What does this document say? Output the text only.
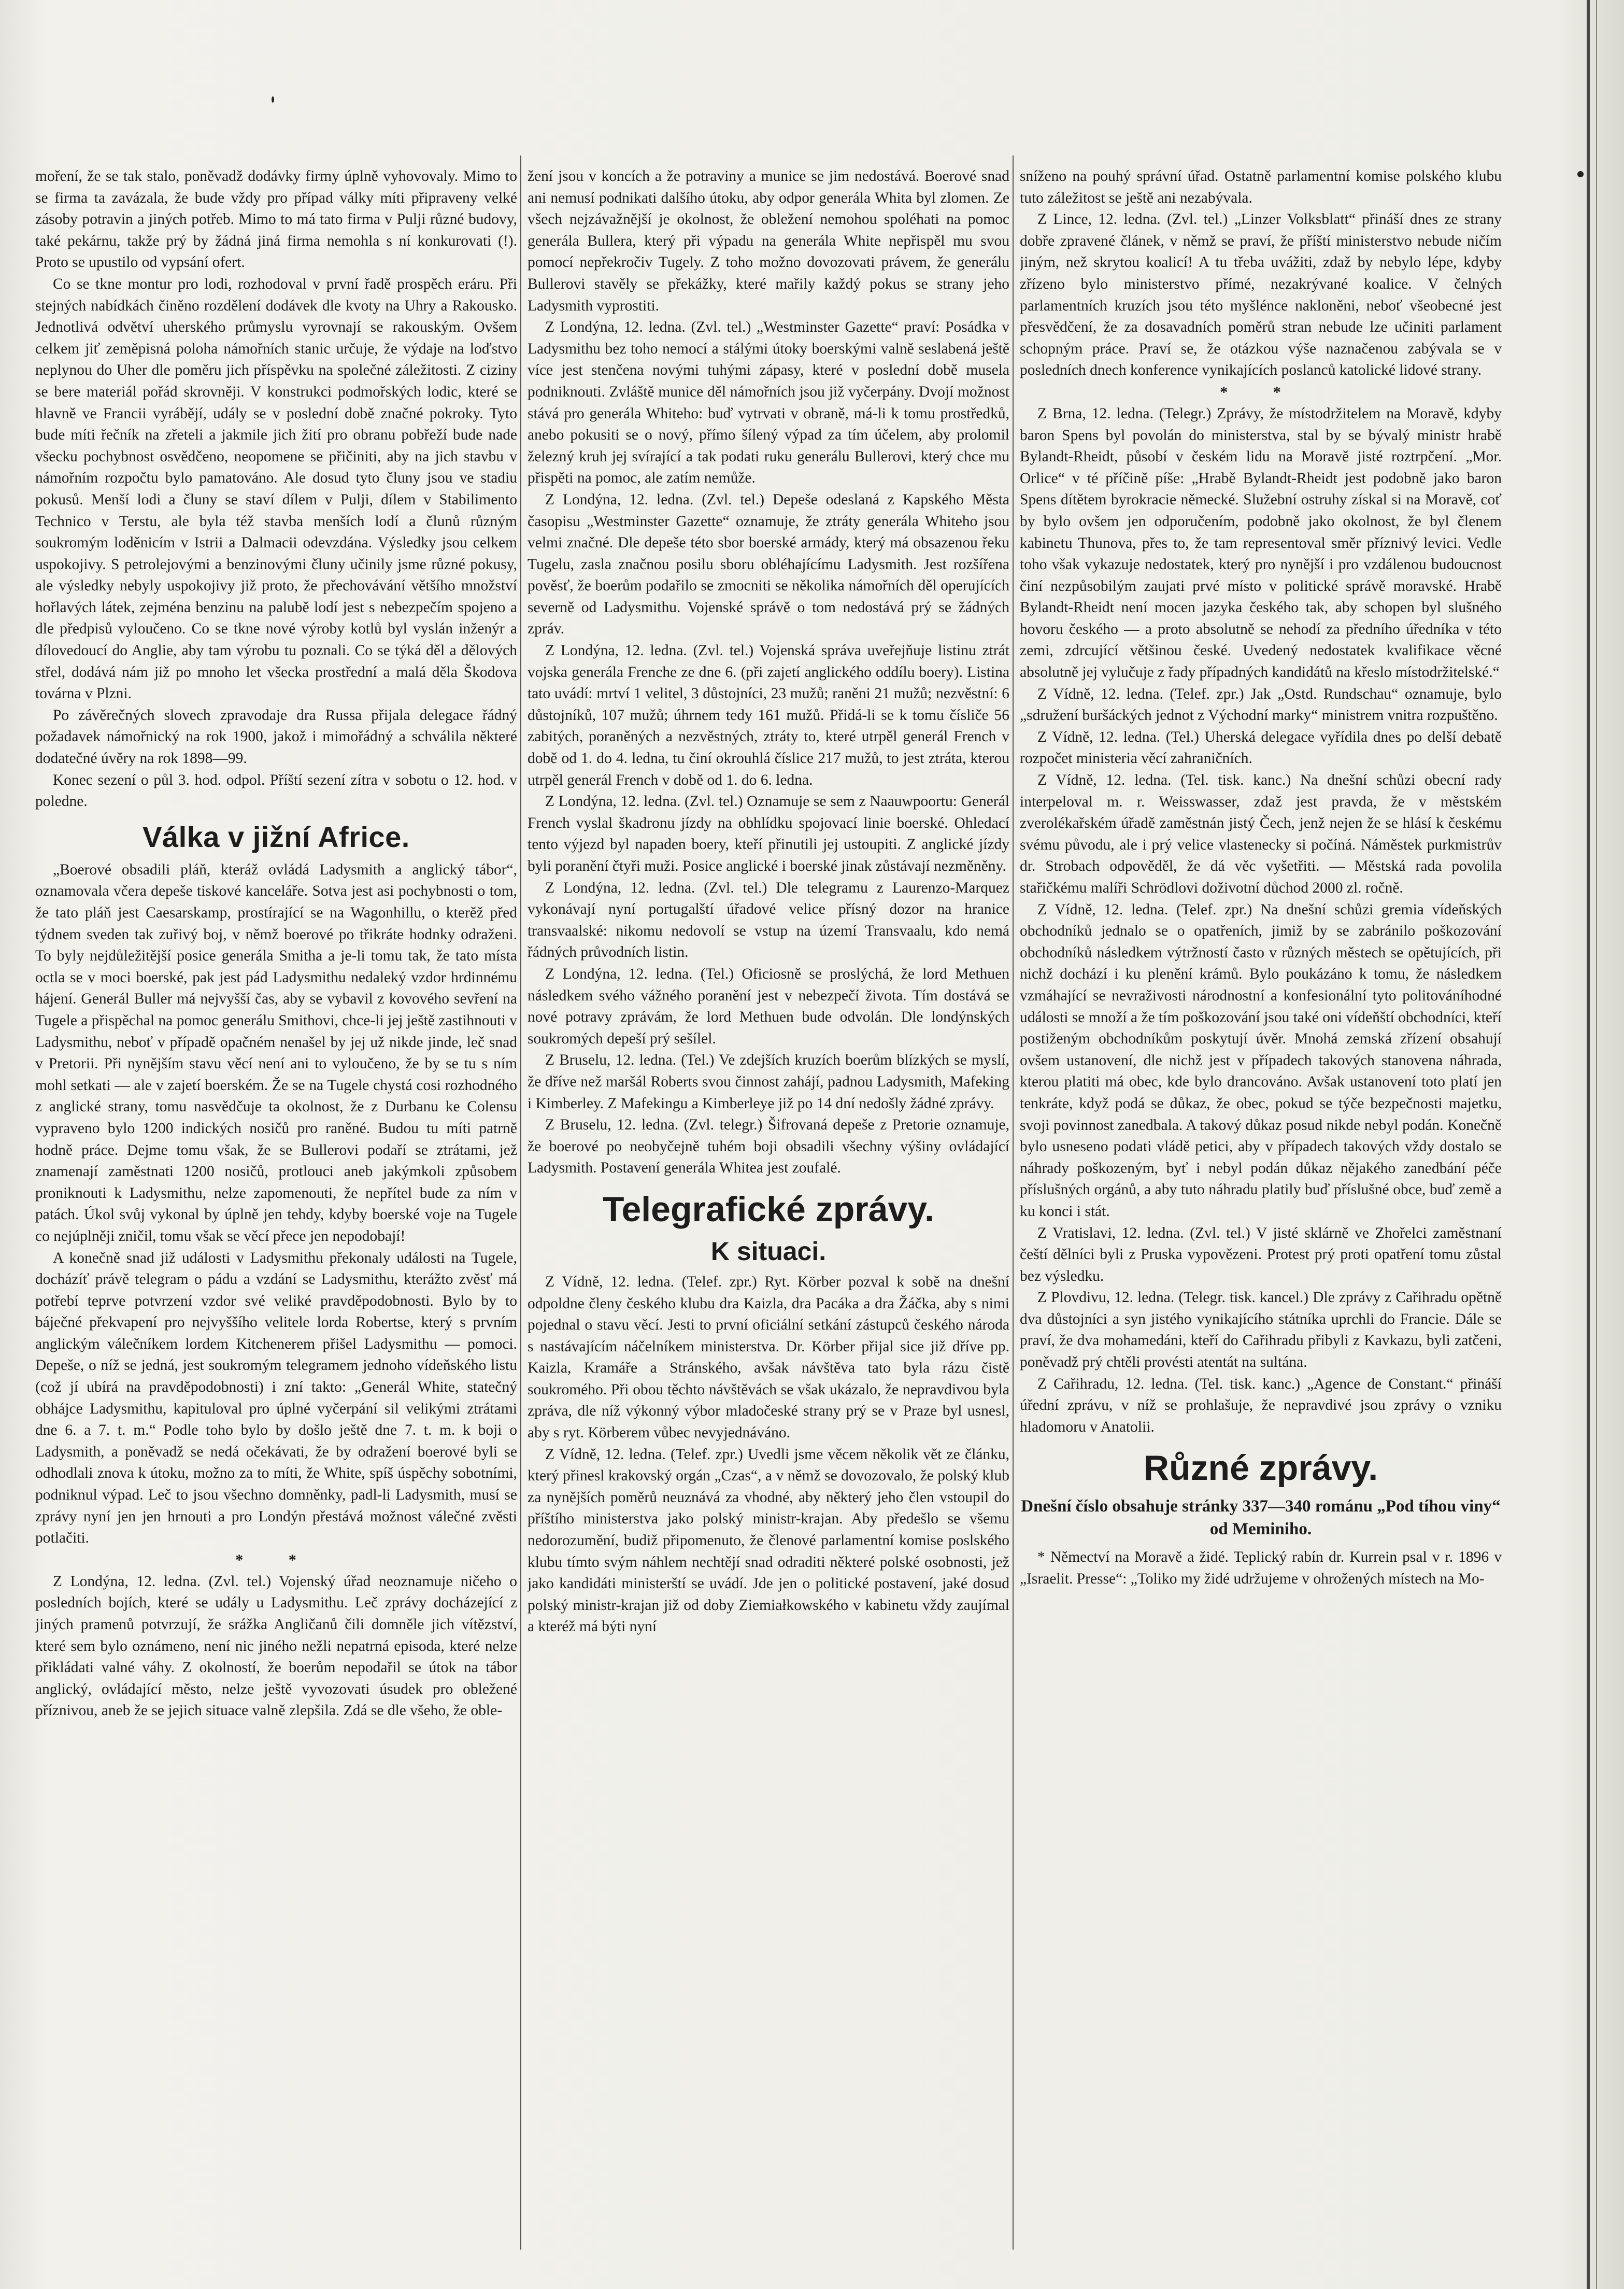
moření, že se tak stalo, poněvadž dodávky firmy úplně vyhovovaly. Mimo to se firma ta zavázala, že bude vždy pro případ války míti připraveny velké zásoby potravin a jiných potřeb. Mimo to má tato firma v Pulji různé budovy, také pekárnu, takže prý by žádná jiná firma nemohla s ní konkurovati (!). Proto se upustilo od vypsání ofert.

Co se tkne montur pro lodi, rozhodoval v první řadě prospěch eráru. Při stejných nabídkách činěno rozdělení dodávek dle kvoty na Uhry a Rakousko. Jednotlivá odvětví uherského průmyslu vyrovnají se rakouským. Ovšem celkem jiť zeměpisná poloha námořních stanic určuje, že výdaje na loďstvo neplynou do Uher dle poměru jich příspěvku na společné záležitosti. Z ciziny se bere materiál pořád skrovněji. V konstrukci podmořských lodic, které se hlavně ve Francii vyrábějí, udály se v poslední době značné pokroky. Tyto bude míti řečník na zřeteli a jakmile jich žití pro obranu pobřeží bude nade všecku pochybnost osvědčeno, neopomene se přičiniti, aby na jich stavbu v námořním rozpočtu bylo pamatováno. Ale dosud tyto čluny jsou ve stadiu pokusů. Menší lodi a čluny se staví dílem v Pulji, dílem v Stabilimento Technico v Terstu, ale byla též stavba menších lodí a člunů různým soukromým loděnicím v Istrii a Dalmacii odevzdána. Výsledky jsou celkem uspokojivy. S petrolejovými a benzinovými čluny učinily jsme různé pokusy, ale výsledky nebyly uspokojivy již proto, že přechovávání většího množství hořlavých látek, zejména benzinu na palubě lodí jest s nebezpečím spojeno a dle předpisů vyloučeno. Co se tkne nové výroby kotlů byl vyslán inženýr a dílovedoucí do Anglie, aby tam výrobu tu poznali. Co se týká děl a dělových střel, dodává nám již po mnoho let všecka prostřední a malá děla Škodova továrna v Plzni.

Po závěrečných slovech zpravodaje dra Russa přijala delegace řádný požadavek námořnický na rok 1900, jakož i mimořádný a schválila některé dodatečné úvěry na rok 1898—99.

Konec sezení o půl 3. hod. odpol. Příští sezení zítra v sobotu o 12. hod. v poledne.

Válka v jižní Africe.

„Boerové obsadili pláň, kteráž ovládá Ladysmith a anglický tábor“, oznamovala včera depeše tiskové kanceláře. Sotva jest asi pochybnosti o tom, že tato pláň jest Caesarskamp, prostírající se na Wagonhillu, o kterěž před týdnem sveden tak zuřivý boj, v němž boerové po třikráte hodnky odraženi. To byly nejdůležitější posice generála Smitha a je-li tomu tak, že tato místa octla se v moci boerské, pak jest pád Ladysmithu nedaleký vzdor hrdinnému hájení. Generál Buller má nejvyšší čas, aby se vybavil z kovového sevření na Tugele a přispěchal na pomoc generálu Smithovi, chce-li jej ještě zastihnouti v Ladysmithu, neboť v případě opačném nenašel by jej už nikde jinde, leč snad v Pretorii. Při nynějším stavu věcí není ani to vyloučeno, že by se tu s ním mohl setkati — ale v zajetí boerském. Že se na Tugele chystá cosi rozhodného z anglické strany, tomu nasvědčuje ta okolnost, že z Durbanu ke Colensu vypraveno bylo 1200 indických nosičů pro raněné. Budou tu míti patrně hodně práce. Dejme tomu však, že se Bullerovi podaří se ztrátami, jež znamenají zaměstnati 1200 nosičů, protlouci aneb jakýmkoli způsobem proniknouti k Ladysmithu, nelze zapomenouti, že nepřítel bude za ním v patách. Úkol svůj vykonal by úplně jen tehdy, kdyby boerské voje na Tugele co nejúplněji zničil, tomu však se věcí přece jen nepodobají!

A konečně snad již události v Ladysmithu překonaly události na Tugele, docházíť právě telegram o pádu a vzdání se Ladysmithu, kterážto zvěsť má potřebí teprve potvrzení vzdor své veliké pravděpodobnosti. Bylo by to báječné překvapení pro nejvyššího velitele lorda Robertse, který s prvním anglickým válečníkem lordem Kitchenerem přišel Ladysmithu — pomoci. Depeše, o níž se jedná, jest soukromým telegramem jednoho vídeňského listu (což jí ubírá na pravděpodobnosti) i zní takto: „Generál White, statečný obhájce Ladysmithu, kapituloval pro úplné vyčerpání sil velikými ztrátami dne 6. a 7. t. m.“ Podle toho bylo by došlo ještě dne 7. t. m. k boji o Ladysmith, a poněvadž se nedá očekávati, že by odražení boerové byli se odhodlali znova k útoku, možno za to míti, že White, spíš úspěchy sobotními, podniknul výpad. Leč to jsou všechno domněnky, padl-li Ladysmith, musí se zprávy nyní jen jen hrnouti a pro Londýn přestává možnost válečné zvěsti potlačiti.

* *

Z Londýna, 12. ledna. (Zvl. tel.) Vojenský úřad neoznamuje ničeho o posledních bojích, které se udály u Ladysmithu. Leč zprávy docházející z jiných pramenů potvrzují, že srážka Angličanů čili domněle jich vítězství, které sem bylo oznámeno, není nic jiného nežli nepatrná episoda, které nelze přikládati valné váhy. Z okolností, že boerům nepodařil se útok na tábor anglický, ovládající město, nelze ještě vyvozovati úsudek pro obležené příznivou, aneb že se jejich situace valně zlepšila. Zdá se dle všeho, že oble-

žení jsou v koncích a že potraviny a munice se jim nedostává. Boerové snad ani nemusí podnikati dalšího útoku, aby odpor generála Whita byl zlomen. Ze všech nejzávažnější je okolnost, že obležení nemohou spoléhati na pomoc generála Bullera, který při výpadu na generála White nepřispěl mu svou pomocí nepřekročiv Tugely. Z toho možno dovozovati právem, že generálu Bullerovi stavěly se překážky, které mařily každý pokus se strany jeho Ladysmith vyprostiti.

Z Londýna, 12. ledna. (Zvl. tel.) „Westminster Gazette“ praví: Posádka v Ladysmithu bez toho nemocí a stálými útoky boerskými valně seslabená ještě více jest stenčena novými tuhými zápasy, které v poslední době musela podniknouti. Zvláště munice děl námořních jsou již vyčerpány. Dvojí možnost stává pro generála Whiteho: buď vytrvati v obraně, má-li k tomu prostředků, anebo pokusiti se o nový, přímo šílený výpad za tím účelem, aby prolomil železný kruh jej svírající a tak podati ruku generálu Bullerovi, který chce mu přispěti na pomoc, ale zatím nemůže.

Z Londýna, 12. ledna. (Zvl. tel.) Depeše odeslaná z Kapského Města časopisu „Westminster Gazette“ oznamuje, že ztráty generála Whiteho jsou velmi značné. Dle depeše této sbor boerské armády, který má obsazenou řeku Tugelu, zasla značnou posilu sboru obléhajícímu Ladysmith. Jest rozšířena pověsť, že boerům podařilo se zmocniti se několika námořních děl operujících severně od Ladysmithu. Vojenské správě o tom nedostává prý se žádných zpráv.

Z Londýna, 12. ledna. (Zvl. tel.) Vojenská správa uveřejňuje listinu ztrát vojska generála Frenche ze dne 6. (při zajetí anglického oddílu boery). Listina tato uvádí: mrtví 1 velitel, 3 důstojníci, 23 mužů; raněni 21 mužů; nezvěstní: 6 důstojníků, 107 mužů; úhrnem tedy 161 mužů. Přidá-li se k tomu čísliče 56 zabitých, poraněných a nezvěstných, ztráty to, které utrpěl generál French v době od 1. do 4. ledna, tu činí okrouhlá číslice 217 mužů, to jest ztráta, kterou utrpěl generál French v době od 1. do 6. ledna.

Z Londýna, 12. ledna. (Zvl. tel.) Oznamuje se sem z Naauwpoortu: Generál French vyslal škadronu jízdy na obhlídku spojovací linie boerské. Ohledací tento výjezd byl napaden boery, kteří přinutili jej ustoupiti. Z anglické jízdy byli poranění čtyři muži. Posice anglické i boerské jinak zůstávají nezměněny.

Z Londýna, 12. ledna. (Zvl. tel.) Dle telegramu z Laurenzo-Marquez vykonávají nyní portugalští úřadové velice přísný dozor na hranice transvaalské: nikomu nedovolí se vstup na území Transvaalu, kdo nemá řádných průvodních listin.

Z Londýna, 12. ledna. (Tel.) Oficiosně se proslýchá, že lord Methuen následkem svého vážného poranění jest v nebezpečí života. Tím dostává se nové potravy zprávám, že lord Methuen bude odvolán. Dle londýnských soukromých depeší prý sešílel.

Z Bruselu, 12. ledna. (Tel.) Ve zdejších kruzích boerům blízkých se myslí, že dříve než maršál Roberts svou činnost zahájí, padnou Ladysmith, Mafeking i Kimberley. Z Mafekingu a Kimberleye již po 14 dní nedošly žádné zprávy.

Z Bruselu, 12. ledna. (Zvl. telegr.) Šifrovaná depeše z Pretorie oznamuje, že boerové po neobyčejně tuhém boji obsadili všechny výšiny ovládající Ladysmith. Postavení generála Whitea jest zoufalé.

Telegrafické zprávy.
K situaci.

Z Vídně, 12. ledna. (Telef. zpr.) Ryt. Körber pozval k sobě na dnešní odpoldne členy českého klubu dra Kaizla, dra Pacáka a dra Žáčka, aby s nimi pojednal o stavu věcí. Jesti to první oficiální setkání zástupců českého národa s nastávajícím náčelníkem ministerstva. Dr. Körber přijal sice již dříve pp. Kaizla, Kramáře a Stránského, avšak návštěva tato byla rázu čistě soukromého. Při obou těchto návštěvách se však ukázalo, že nepravdivou byla zpráva, dle níž výkonný výbor mladočeské strany prý se v Praze byl usnesl, aby s ryt. Körberem vůbec nevyjednáváno.

Z Vídně, 12. ledna. (Telef. zpr.) Uvedli jsme věcem několik vět ze článku, který přinesl krakovský orgán „Czas“, a v němž se dovozovalo, že polský klub za nynějších poměrů neuznává za vhodné, aby některý jeho člen vstoupil do příštího ministerstva jako polský ministr-krajan. Aby předešlo se všemu nedorozumění, budiž připomenuto, že členové parlamentní komise poslského klubu tímto svým náhlem nechtějí snad odraditi některé polské osobnosti, jež jako kandidáti ministerští se uvádí. Jde jen o politické postavení, jaké dosud polský ministr-krajan již od doby Ziemiałkowského v kabinetu vždy zaujímal a kteréž má býti nyní

sníženo na pouhý správní úřad. Ostatně parlamentní komise polského klubu tuto záležitost se ještě ani nezabývala.

Z Lince, 12. ledna. (Zvl. tel.) „Linzer Volksblatt“ přináší dnes ze strany dobře zpravené článek, v němž se praví, že příští ministerstvo nebude ničím jiným, než skrytou koalicí! A tu třeba uvážiti, zdaž by nebylo lépe, kdyby zřízeno bylo ministerstvo přímé, nezakrývané koalice. V čelných parlamentních kruzích jsou této myšlénce nakloněni, neboť všeobecné jest přesvědčení, že za dosavadních poměrů stran nebude lze učiniti parlament schopným práce. Praví se, že otázkou výše naznačenou zabývala se v posledních dnech konference vynikajících poslanců katolické lidové strany.

* *

Z Brna, 12. ledna. (Telegr.) Zprávy, že místodržitelem na Moravě, kdyby baron Spens byl povolán do ministerstva, stal by se bývalý ministr hrabě Bylandt-Rheidt, působí v českém lidu na Moravě jisté roztrpčení. „Mor. Orlice“ v té příčině píše: „Hrabě Bylandt-Rheidt jest podobně jako baron Spens dítětem byrokracie německé. Služební ostruhy získal si na Moravě, coť by bylo ovšem jen odporučením, podobně jako okolnost, že byl členem kabinetu Thunova, přes to, že tam representoval směr příznivý levici. Vedle toho však vykazuje nedostatek, který pro nynější i pro vzdálenou budoucnost činí nezpůsobilým zaujati prvé místo v politické správě moravské. Hrabě Bylandt-Rheidt není mocen jazyka českého tak, aby schopen byl slušného hovoru českého — a proto absolutně se nehodí za předního úředníka v této zemi, zdrcující většinou české. Uvedený nedostatek kvalifikace věcné absolutně jej vylučuje z řady případných kandidátů na křeslo místodržitelské.“

Z Vídně, 12. ledna. (Telef. zpr.) Jak „Ostd. Rundschau“ oznamuje, bylo „sdružení buršáckých jednot z Východní marky“ ministrem vnitra rozpuštěno.

Z Vídně, 12. ledna. (Tel.) Uherská delegace vyřídila dnes po delší debatě rozpočet ministeria věcí zahraničních.

Z Vídně, 12. ledna. (Tel. tisk. kanc.) Na dnešní schůzi obecní rady interpeloval m. r. Weisswasser, zdaž jest pravda, že v městském zverolékařském úřadě zaměstnán jistý Čech, jenž nejen že se hlásí k českému svému původu, ale i prý velice vlastenecky si počíná. Náměstek purkmistrův dr. Strobach odpověděl, že dá věc vyšetřiti. — Městská rada povolila stařičkému malíři Schrödlovi doživotní důchod 2000 zl. ročně.

Z Vídně, 12. ledna. (Telef. zpr.) Na dnešní schůzi gremia vídeňských obchodníků jednalo se o opatřeních, jimiž by se zabránilo poškozování obchodníků následkem výtržností často v různých městech se opětujících, při nichž dochází i ku plenění krámů. Bylo poukázáno k tomu, že následkem vzmáhající se nevraživosti národnostní a konfesionální tyto politováníhodné události se množí a že tím poškozování jsou také oni vídeňští obchodníci, kteří postiženým obchodníkům poskytují úvěr. Mnohá zemská zřízení obsahují ovšem ustanovení, dle nichž jest v případech takových stanovena náhrada, kterou platiti má obec, kde bylo drancováno. Avšak ustanovení toto platí jen tenkráte, když podá se důkaz, že obec, pokud se týče bezpečnosti majetku, svoji povinnost zanedbala. A takový důkaz posud nikde nebyl podán. Konečně bylo usneseno podati vládě petici, aby v případech takových vždy dostalo se náhrady poškozeným, byť i nebyl podán důkaz nějakého zanedbání péče příslušných orgánů, a aby tuto náhradu platily buď příslušné obce, buď země a ku konci i stát.

Z Vratislavi, 12. ledna. (Zvl. tel.) V jisté sklárně ve Zhořelci zaměstnaní čeští dělníci byli z Pruska vypovězeni. Protest prý proti opatření tomu zůstal bez výsledku.

Z Plovdivu, 12. ledna. (Telegr. tisk. kancel.) Dle zprávy z Cařihradu opětně dva důstojníci a syn jistého vynikajícího státníka uprchli do Francie. Dále se praví, že dva mohamedáni, kteří do Cařihradu přibyli z Kavkazu, byli zatčeni, poněvadž prý chtěli provésti atentát na sultána.

Z Cařihradu, 12. ledna. (Tel. tisk. kanc.) „Agence de Constant.“ přináší úřední zprávu, v níž se prohlašuje, že nepravdivé jsou zprávy o vzniku hladomoru v Anatolii.

Různé zprávy.
Dnešní číslo obsahuje stránky 337—340 románu „Pod tíhou viny“ od Meminiho.

* Němectví na Moravě a židé. Teplický rabín dr. Kurrein psal v r. 1896 v „Israelit. Presse“: „Toliko my židé udržujeme v ohrožených místech na Mo-
